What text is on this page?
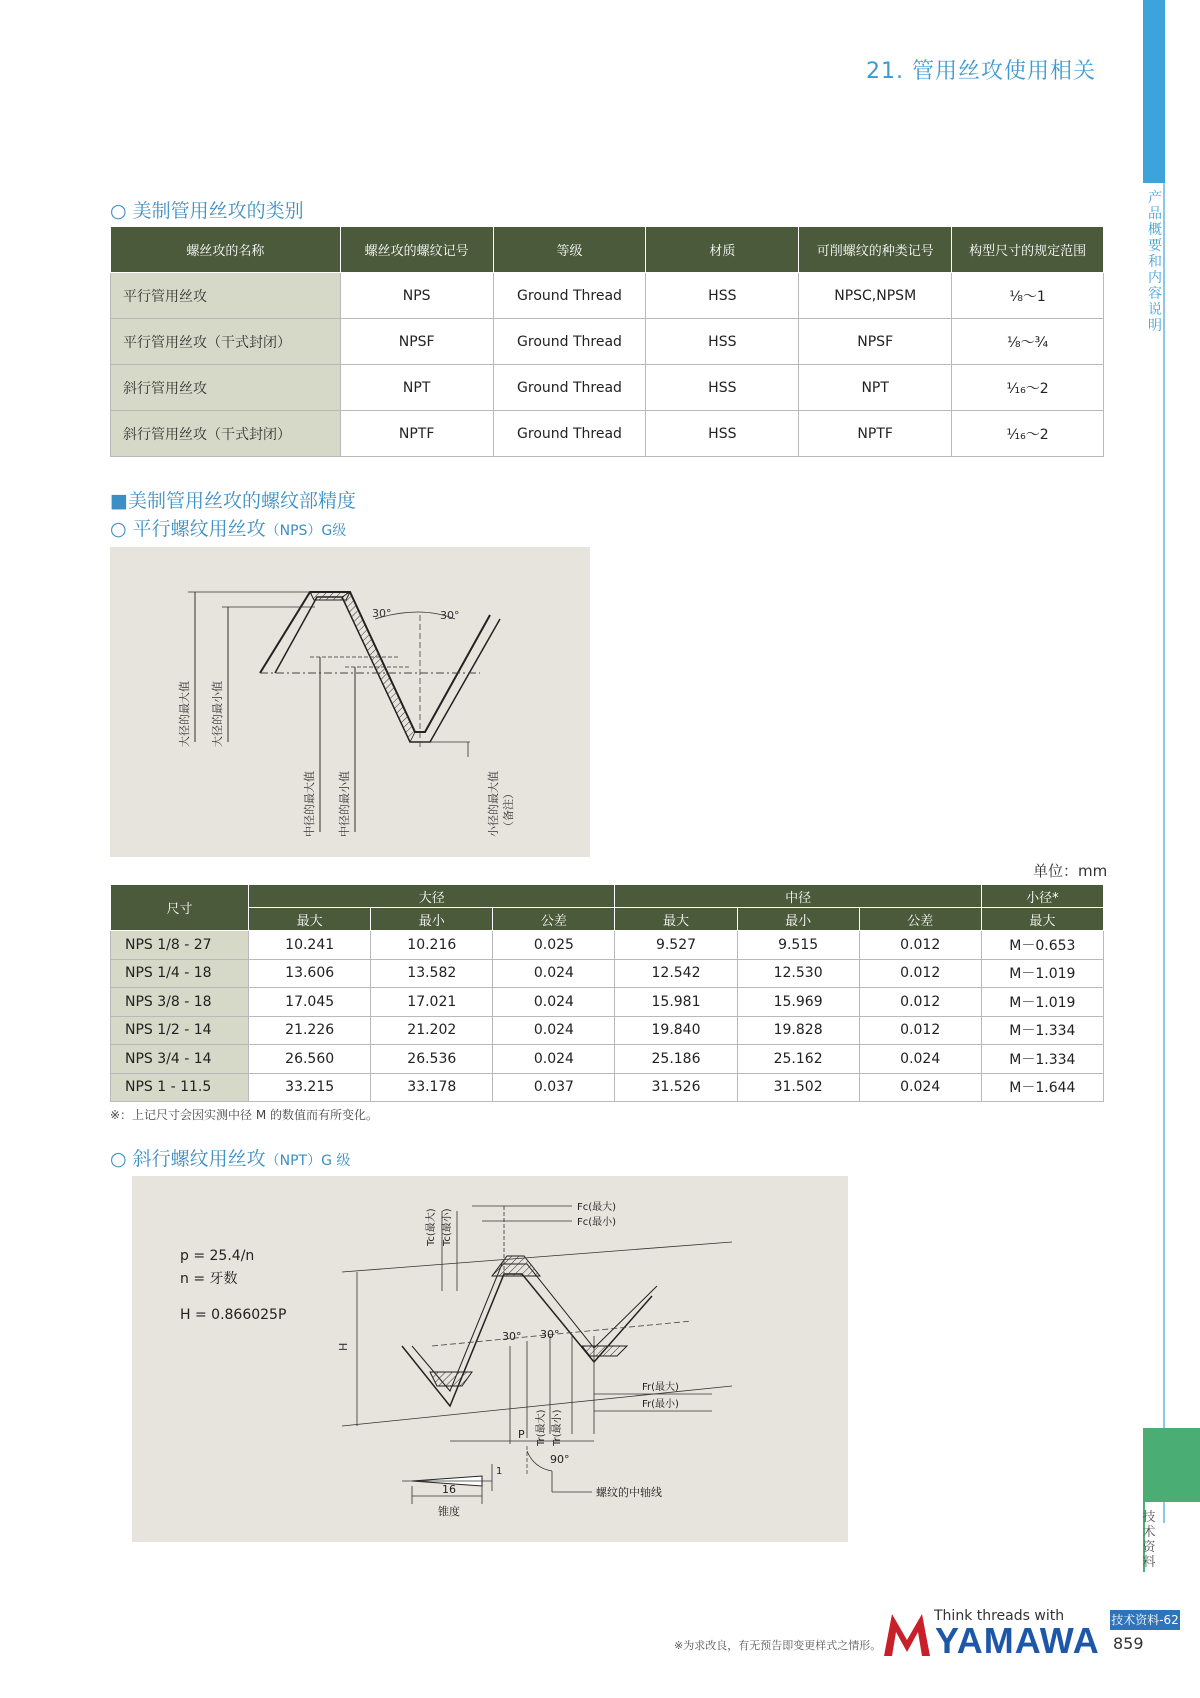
21. 管用丝攻使用相关
产品概要和内容说明
技术资料
技术资料
○ 美制管用丝攻的类别
螺丝攻的名称	螺丝攻的螺纹记号	等级	材质	可削螺纹的种类记号	构型尺寸的规定范围
平行管用丝攻	NPS	Ground Thread	HSS	NPSC,NPSM	⅛～1
平行管用丝攻（干式封闭）	NPSF	Ground Thread	HSS	NPSF	⅛～¾
斜行管用丝攻	NPT	Ground Thread	HSS	NPT	¹⁄₁₆～2
斜行管用丝攻（干式封闭）	NPTF	Ground Thread	HSS	NPTF	¹⁄₁₆～2
■美制管用丝攻的螺纹部精度
○ 平行螺纹用丝攻（NPS）G级
30°	30°
大径的最大值 大径的最小值
中径的最大值 中径的最小值	小径的最大值 （备注）
单位：mm
尺寸	大径			中径			小径*
	最大	最小	公差	最大	最小	公差	最大
NPS 1/8 - 27	10.241	10.216	0.025	9.527	9.515	0.012	M－0.653
NPS 1/4 - 18	13.606	13.582	0.024	12.542	12.530	0.012	M－1.019
NPS 3/8 - 18	17.045	17.021	0.024	15.981	15.969	0.012	M－1.019
NPS 1/2 - 14	21.226	21.202	0.024	19.840	19.828	0.012	M－1.334
NPS 3/4 - 14	26.560	26.536	0.024	25.186	25.162	0.024	M－1.334
NPS 1 - 11.5	33.215	33.178	0.037	31.526	31.502	0.024	M－1.644
※：上记尺寸会因实测中径 M 的数值而有所变化。
○ 斜行螺纹用丝攻（NPT）G 级
p = 25.4/n
n = 牙数
H = 0.866025P
H
Fc(最大)
Fc(最小)
Tc(最大) Tc(最小)
Fr(最大)
Fr(最小)
Tr(最大) Tr(最小)
P
30° 30°
1
16
锥度
90°
螺纹的中轴线
※为求改良，有无预告即变更样式之情形。
Think threads with
YAMAWA 技术资料-62
859
